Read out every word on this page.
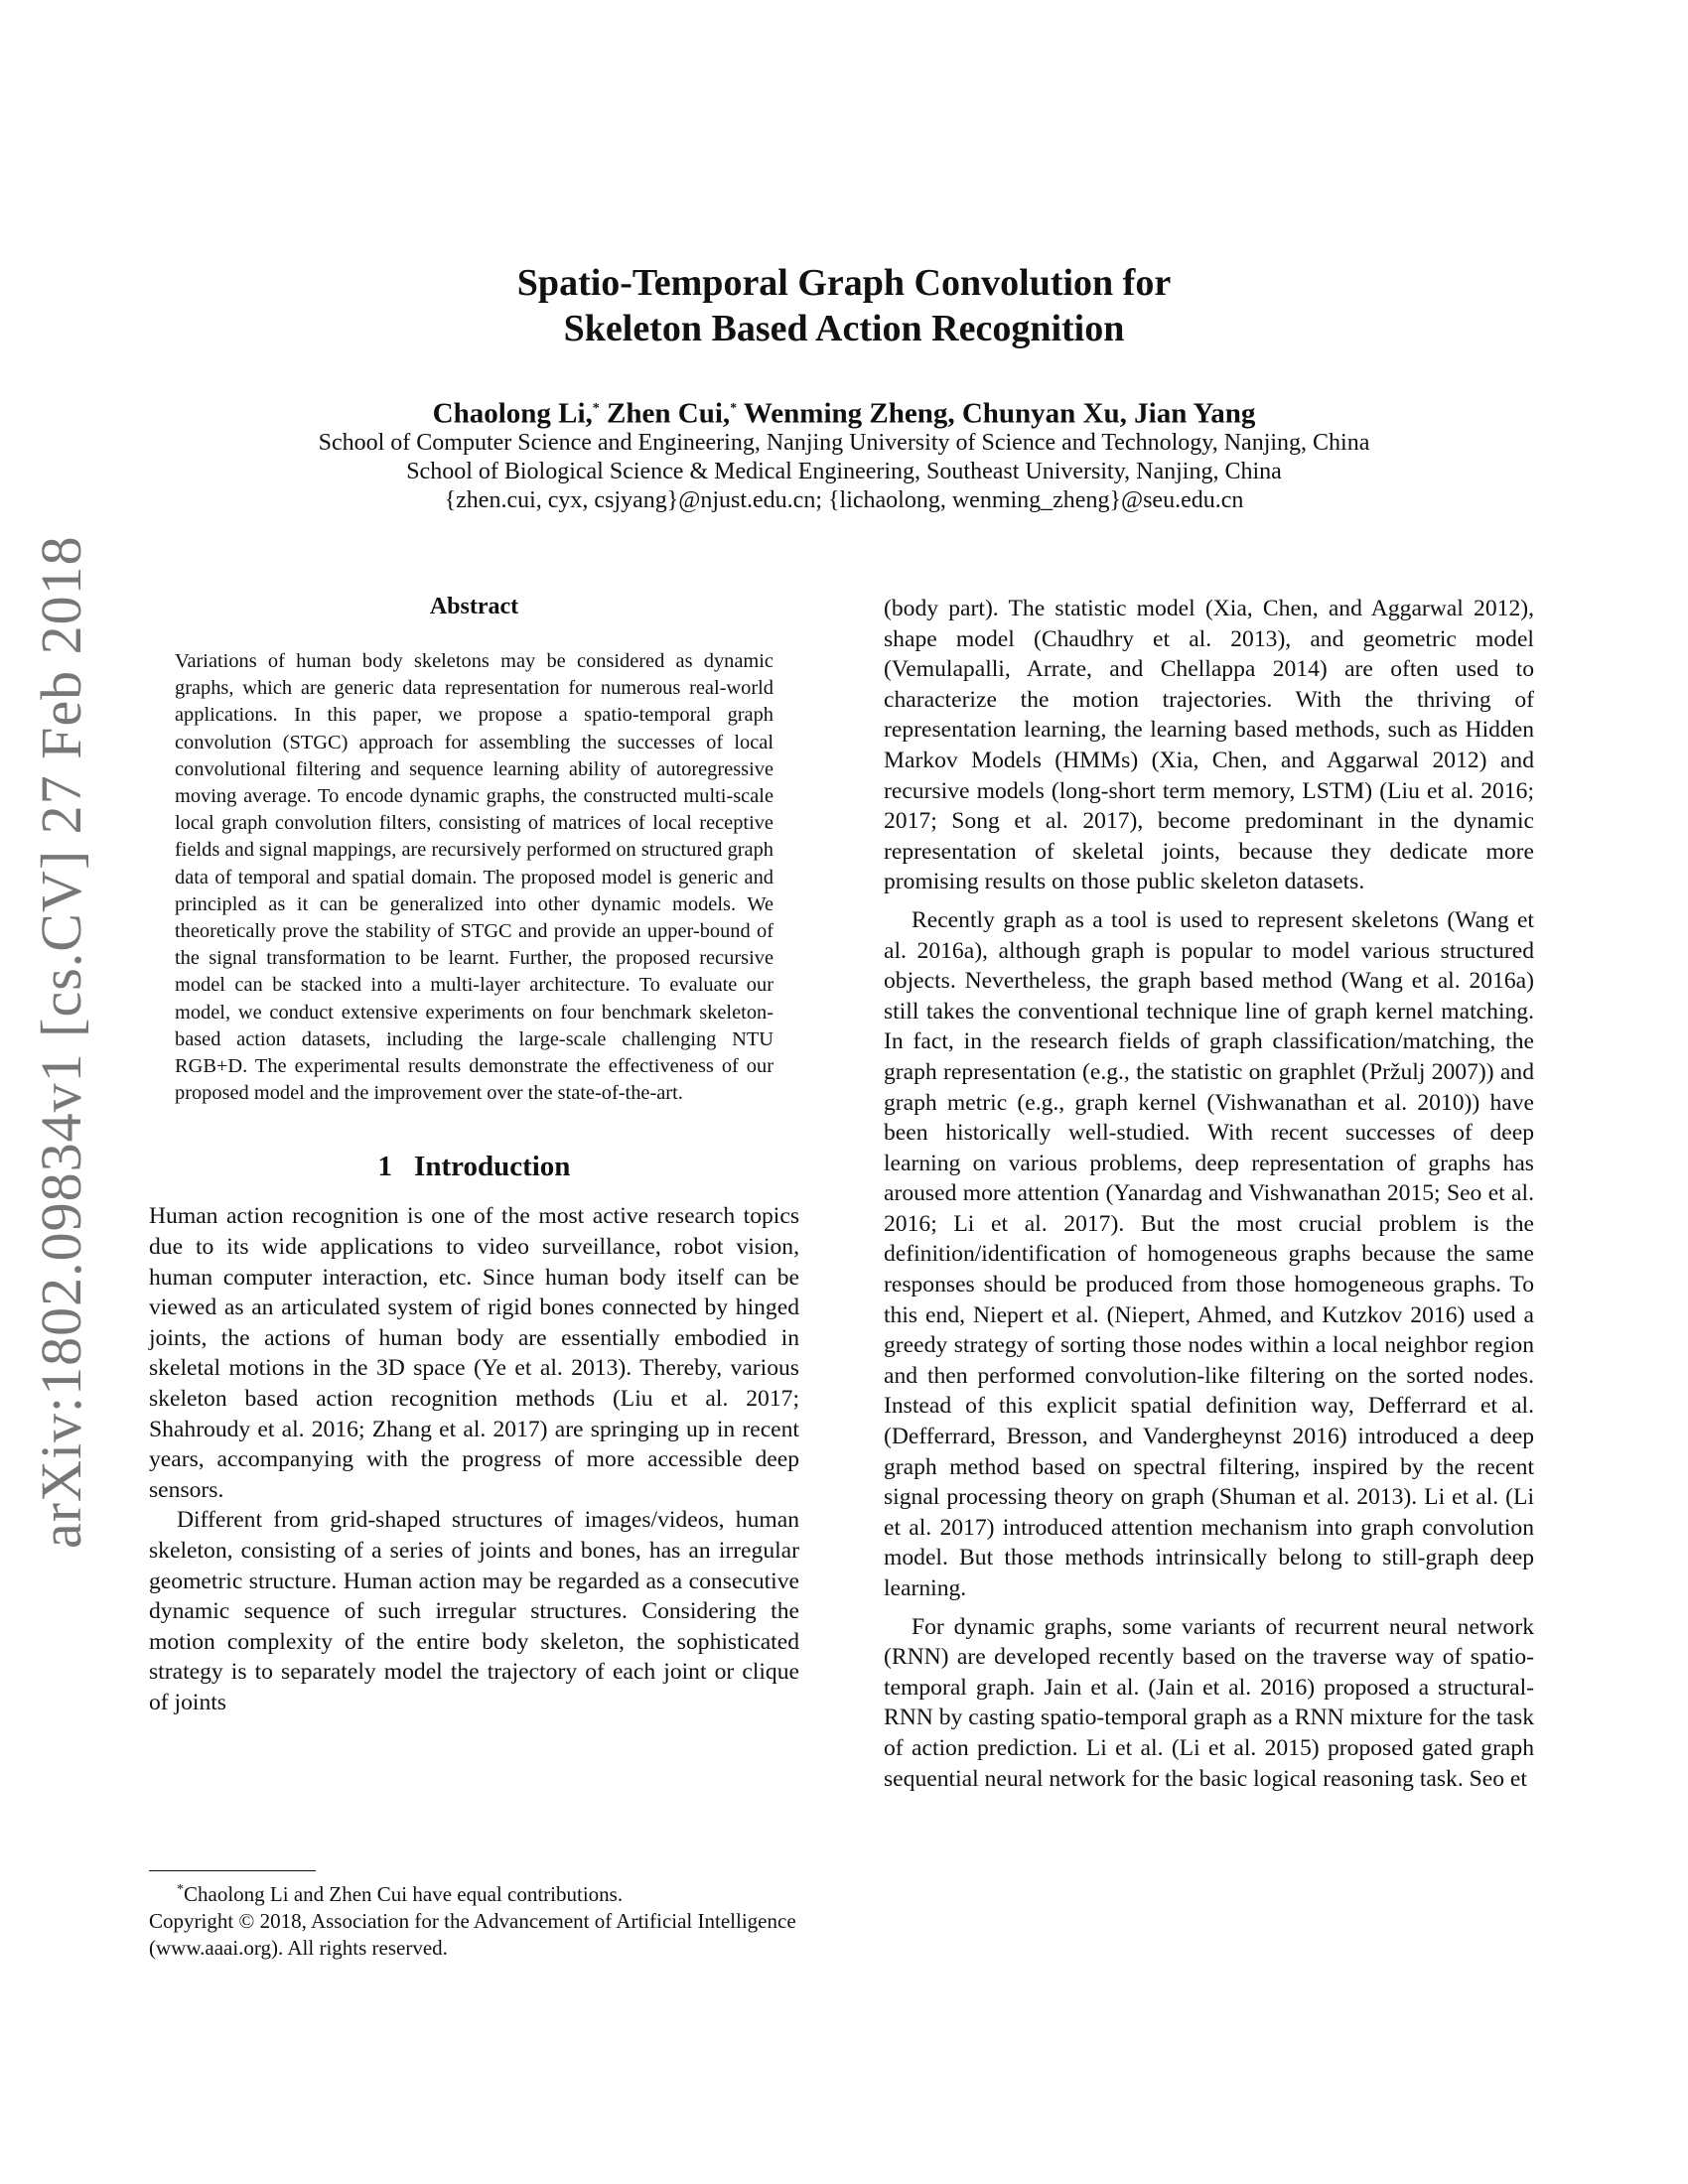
arXiv:1802.09834v1 [cs.CV] 27 Feb 2018
Spatio-Temporal Graph Convolution for
Skeleton Based Action Recognition
Chaolong Li,* Zhen Cui,* Wenming Zheng, Chunyan Xu, Jian Yang
School of Computer Science and Engineering, Nanjing University of Science and Technology, Nanjing, China
School of Biological Science & Medical Engineering, Southeast University, Nanjing, China
{zhen.cui, cyx, csjyang}@njust.edu.cn; {lichaolong, wenming_zheng}@seu.edu.cn
Abstract

Variations of human body skeletons may be considered as dynamic graphs, which are generic data representation for numerous real-world applications. In this paper, we propose a spatio-temporal graph convolution (STGC) approach for assembling the successes of local convolutional filtering and sequence learning ability of autoregressive moving average. To encode dynamic graphs, the constructed multi-scale local graph convolution filters, consisting of matrices of local receptive fields and signal mappings, are recursively performed on structured graph data of temporal and spatial domain. The proposed model is generic and principled as it can be generalized into other dynamic models. We theoretically prove the stability of STGC and provide an upper-bound of the signal transformation to be learnt. Further, the proposed recursive model can be stacked into a multi-layer architecture. To evaluate our model, we conduct extensive experiments on four benchmark skeleton-based action datasets, including the large-scale challenging NTU RGB+D. The experimental results demonstrate the effectiveness of our proposed model and the improvement over the state-of-the-art.

1 Introduction

Human action recognition is one of the most active research topics due to its wide applications to video surveillance, robot vision, human computer interaction, etc. Since human body itself can be viewed as an articulated system of rigid bones connected by hinged joints, the actions of human body are essentially embodied in skeletal motions in the 3D space (Ye et al. 2013). Thereby, various skeleton based action recognition methods (Liu et al. 2017; Shahroudy et al. 2016; Zhang et al. 2017) are springing up in recent years, accompanying with the progress of more accessible deep sensors.

Different from grid-shaped structures of images/videos, human skeleton, consisting of a series of joints and bones, has an irregular geometric structure. Human action may be regarded as a consecutive dynamic sequence of such irregular structures. Considering the motion complexity of the entire body skeleton, the sophisticated strategy is to separately model the trajectory of each joint or clique of joints

(body part). The statistic model (Xia, Chen, and Aggarwal 2012), shape model (Chaudhry et al. 2013), and geometric model (Vemulapalli, Arrate, and Chellappa 2014) are often used to characterize the motion trajectories. With the thriving of representation learning, the learning based methods, such as Hidden Markov Models (HMMs) (Xia, Chen, and Aggarwal 2012) and recursive models (long-short term memory, LSTM) (Liu et al. 2016; 2017; Song et al. 2017), become predominant in the dynamic representation of skeletal joints, because they dedicate more promising results on those public skeleton datasets.

Recently graph as a tool is used to represent skeletons (Wang et al. 2016a), although graph is popular to model various structured objects. Nevertheless, the graph based method (Wang et al. 2016a) still takes the conventional technique line of graph kernel matching. In fact, in the research fields of graph classification/matching, the graph representation (e.g., the statistic on graphlet (Pržulj 2007)) and graph metric (e.g., graph kernel (Vishwanathan et al. 2010)) have been historically well-studied. With recent successes of deep learning on various problems, deep representation of graphs has aroused more attention (Yanardag and Vishwanathan 2015; Seo et al. 2016; Li et al. 2017). But the most crucial problem is the definition/identification of homogeneous graphs because the same responses should be produced from those homogeneous graphs. To this end, Niepert et al. (Niepert, Ahmed, and Kutzkov 2016) used a greedy strategy of sorting those nodes within a local neighbor region and then performed convolution-like filtering on the sorted nodes. Instead of this explicit spatial definition way, Defferrard et al. (Defferrard, Bresson, and Vandergheynst 2016) introduced a deep graph method based on spectral filtering, inspired by the recent signal processing theory on graph (Shuman et al. 2013). Li et al. (Li et al. 2017) introduced attention mechanism into graph convolution model. But those methods intrinsically belong to still-graph deep learning.

For dynamic graphs, some variants of recurrent neural network (RNN) are developed recently based on the traverse way of spatio-temporal graph. Jain et al. (Jain et al. 2016) proposed a structural-RNN by casting spatio-temporal graph as a RNN mixture for the task of action prediction. Li et al. (Li et al. 2015) proposed gated graph sequential neural network for the basic logical reasoning task. Seo et

*Chaolong Li and Zhen Cui have equal contributions.

Copyright © 2018, Association for the Advancement of Artificial Intelligence (www.aaai.org). All rights reserved.
